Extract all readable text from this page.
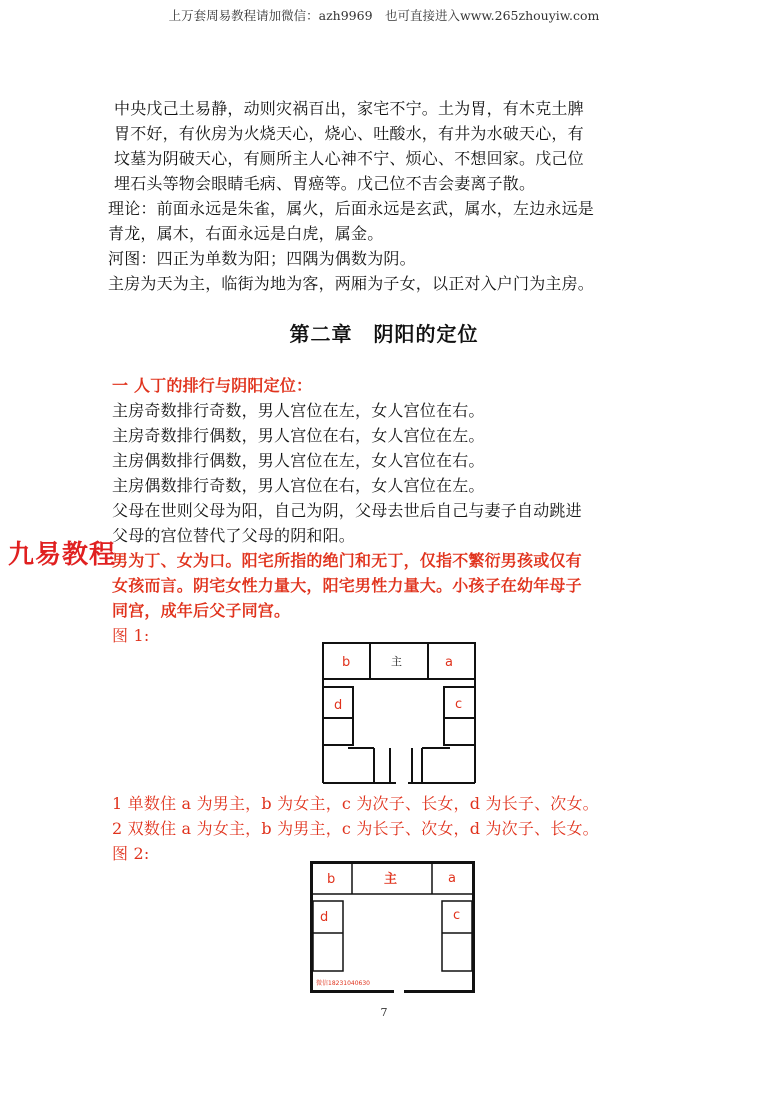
上万套周易教程请加微信：azh9969　也可直接进入www.265zhouyiw.com
中央戊己土易静，动则灾祸百出，家宅不宁。土为胃，有木克土脾
胃不好，有伙房为火烧天心，烧心、吐酸水，有井为水破天心，有
坟墓为阴破天心，有厕所主人心神不宁、烦心、不想回家。戊己位
埋石头等物会眼睛毛病、胃癌等。戊己位不吉会妻离子散。
理论：前面永远是朱雀，属火，后面永远是玄武，属水，左边永远是
青龙，属木，右面永远是白虎，属金。
河图：四正为单数为阳；四隅为偶数为阴。
主房为天为主，临街为地为客，两厢为子女，以正对入户门为主房。
第二章　阴阳的定位
一 人丁的排行与阴阳定位：
主房奇数排行奇数，男人宫位在左，女人宫位在右。
主房奇数排行偶数，男人宫位在右，女人宫位在左。
主房偶数排行偶数，男人宫位在左，女人宫位在右。
主房偶数排行奇数，男人宫位在右，女人宫位在左。
父母在世则父母为阳，自己为阴，父母去世后自己与妻子自动跳进
父母的宫位替代了父母的阴和阳。
男为丁、女为口。阳宅所指的绝门和无丁，仅指不繁衍男孩或仅有
女孩而言。阴宅女性力量大，阳宅男性力量大。小孩子在幼年母子
同宫，成年后父子同宫。
图 1:
九易教程
b	主	a
d	c
1 单数住 a 为男主，b 为女主，c 为次子、长女，d 为长子、次女。
2 双数住 a 为女主，b 为男主，c 为长子、次女，d 为次子、长女。
图 2:
b	主	a
d	c
微信18231040630
7
